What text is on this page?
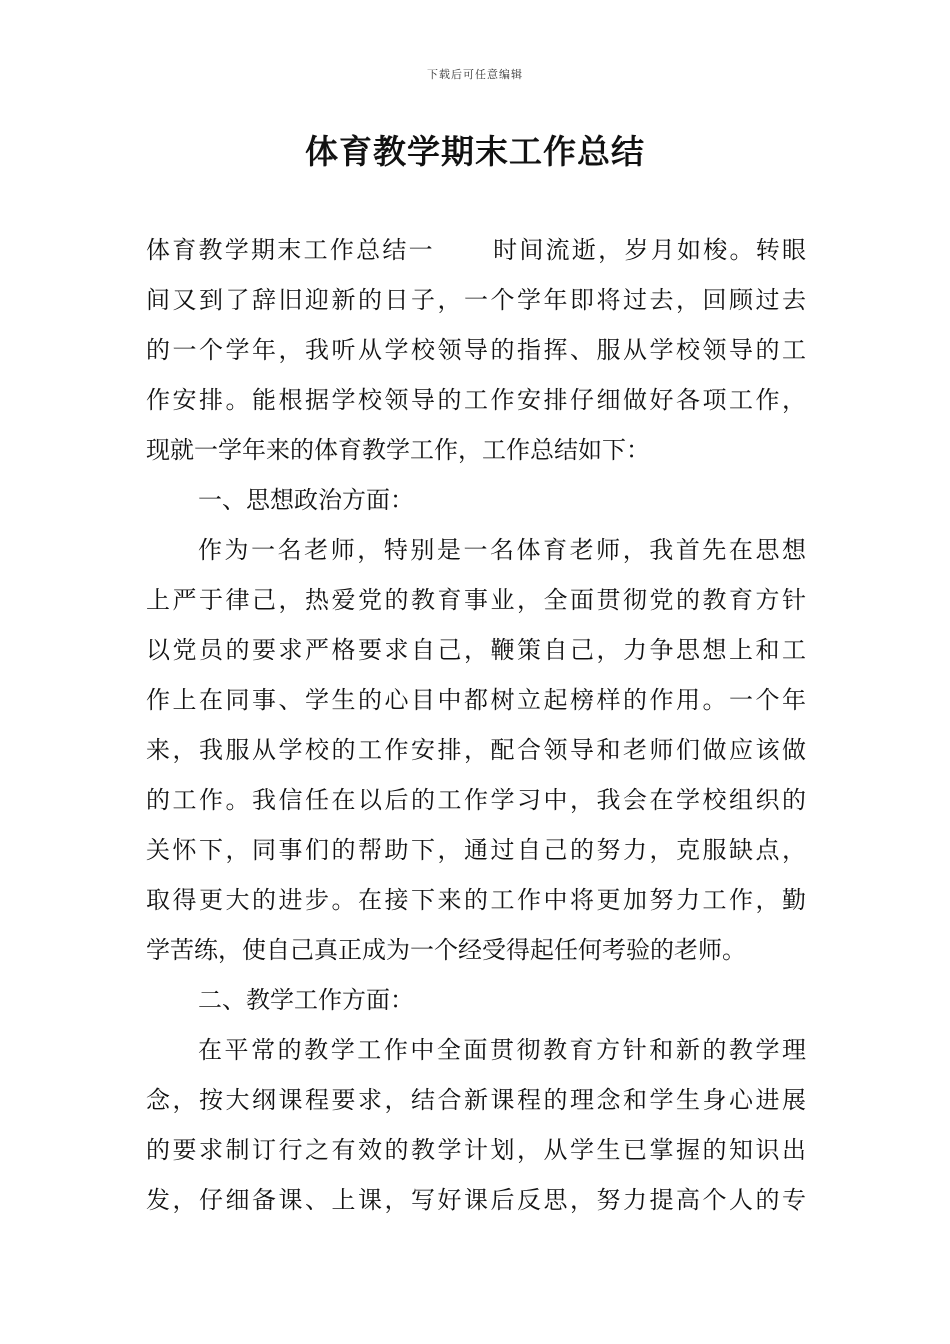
下载后可任意编辑
体育教学期末工作总结
体育教学期末工作总结一 时间流逝，岁月如梭。转眼
间又到了辞旧迎新的日子，一个学年即将过去，回顾过去
的一个学年，我听从学校领导的指挥、服从学校领导的工
作安排。能根据学校领导的工作安排仔细做好各项工作，
现就一学年来的体育教学工作，工作总结如下：
一、思想政治方面：
作为一名老师，特别是一名体育老师，我首先在思想
上严于律己，热爱党的教育事业，全面贯彻党的教育方针
以党员的要求严格要求自己，鞭策自己，力争思想上和工
作上在同事、学生的心目中都树立起榜样的作用。一个年
来，我服从学校的工作安排，配合领导和老师们做应该做
的工作。我信任在以后的工作学习中，我会在学校组织的
关怀下，同事们的帮助下，通过自己的努力，克服缺点，
取得更大的进步。在接下来的工作中将更加努力工作，勤
学苦练，使自己真正成为一个经受得起任何考验的老师。
二、教学工作方面：
在平常的教学工作中全面贯彻教育方针和新的教学理
念，按大纲课程要求，结合新课程的理念和学生身心进展
的要求制订行之有效的教学计划，从学生已掌握的知识出
发，仔细备课、上课，写好课后反思，努力提高个人的专
